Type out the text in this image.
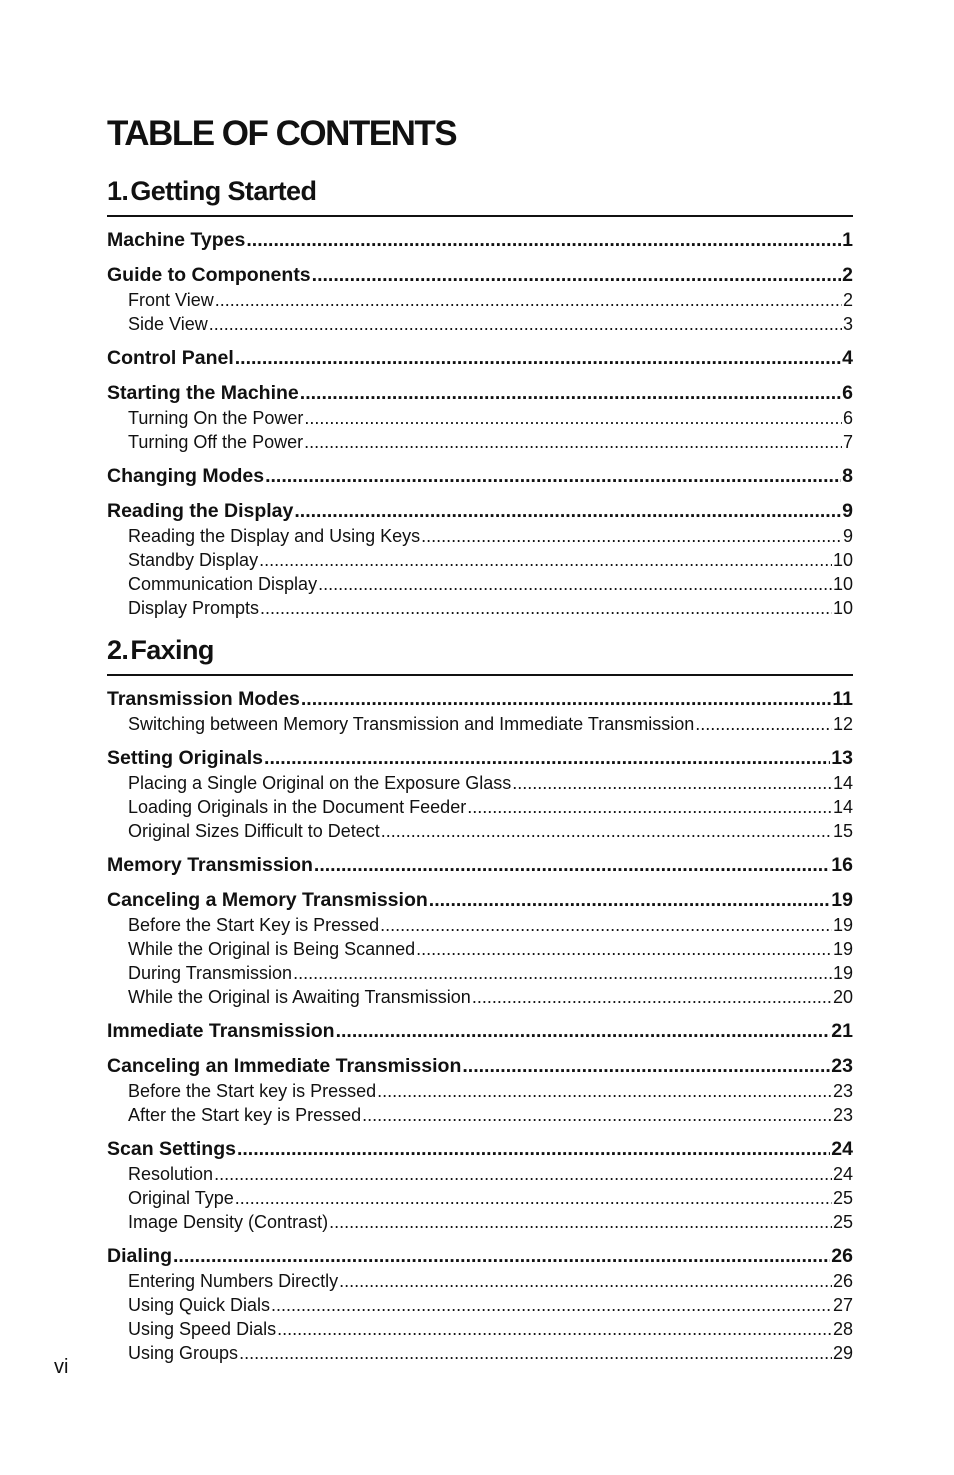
TABLE OF CONTENTS
1.Getting Started
Machine Types .....	1
Guide to Components .....	2
Front View .....	2
Side View .....	3
Control Panel .....	4
Starting the Machine .....	6
Turning On the Power .....	6
Turning Off the Power .....	7
Changing Modes .....	8
Reading the Display .....	9
Reading the Display and Using Keys .....	9
Standby Display .....	10
Communication Display .....	10
Display Prompts .....	10
2.Faxing
Transmission Modes .....	11
Switching between Memory Transmission and Immediate Transmission .....	12
Setting Originals .....	13
Placing a Single Original on the Exposure Glass .....	14
Loading Originals in the Document Feeder .....	14
Original Sizes Difficult to Detect .....	15
Memory Transmission .....	16
Canceling a Memory Transmission .....	19
Before the Start Key is Pressed .....	19
While the Original is Being Scanned .....	19
During Transmission .....	19
While the Original is Awaiting Transmission .....	20
Immediate Transmission .....	21
Canceling an Immediate Transmission .....	23
Before the Start key is Pressed .....	23
After the Start key is Pressed .....	23
Scan Settings .....	24
Resolution .....	24
Original Type .....	25
Image Density (Contrast) .....	25
Dialing .....	26
Entering Numbers Directly .....	26
Using Quick Dials .....	27
Using Speed Dials .....	28
Using Groups .....	29
vi
